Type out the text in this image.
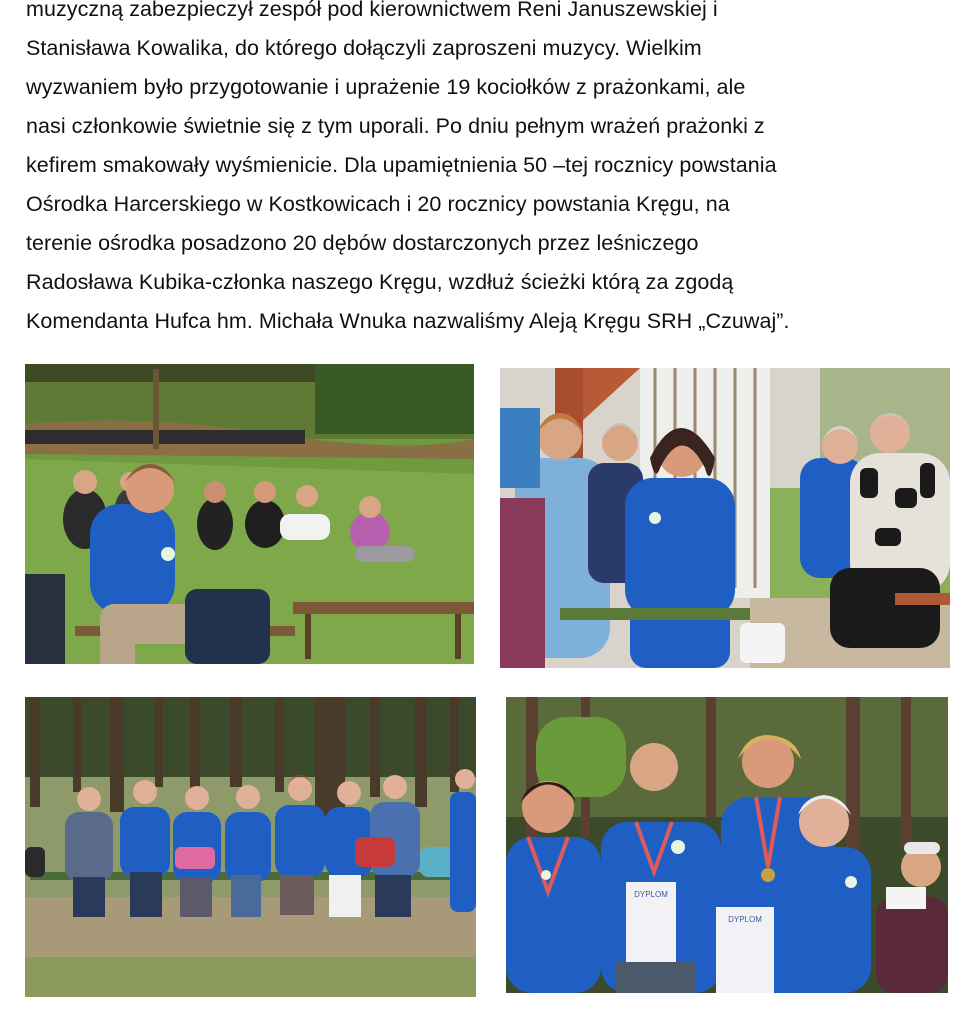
muzyczną zabezpieczył zespół pod kierownictwem Reni Januszewskiej i
Stanisława Kowalika, do którego dołączyli zaproszeni muzycy. Wielkim
wyzwaniem było przygotowanie i uprażenie 19 kociołków z prażonkami, ale
nasi członkowie świetnie się z tym uporali. Po dniu pełnym wrażeń prażonki z
kefirem smakowały wyśmienicie. Dla upamiętnienia 50 –tej rocznicy powstania
Ośrodka Harcerskiego w Kostkowicach i 20 rocznicy powstania Kręgu, na
terenie ośrodka posadzono 20 dębów dostarczonych przez leśniczego
Radosława Kubika-członka naszego Kręgu, wzdłuż ścieżki którą za zgodą
Komendanta Hufca hm. Michała Wnuka nazwaliśmy Aleją Kręgu SRH „Czuwaj”.
DYPLOM
DYPLOM
